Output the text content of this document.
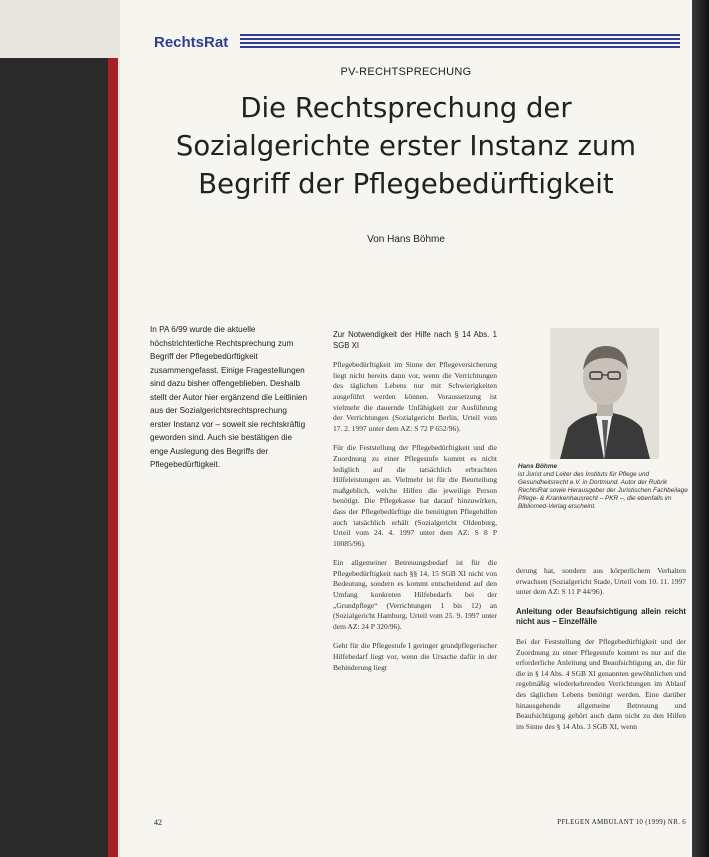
RechtsRat
PV-RECHTSPRECHUNG
Die Rechtsprechung der
Sozialgerichte erster Instanz zum
Begriff der Pflegebedürftigkeit
Von Hans Böhme
In PA 6/99 wurde die aktuelle höchstrichterliche Rechtsprechung zum Begriff der Pflegebedürftigkeit zusammengefasst. Einige Fragestellungen sind dazu bisher offengeblieben. Deshalb stellt der Autor hier ergänzend die Leitlinien aus der Sozialgerichtsrechtsprechung erster Instanz vor – soweit sie rechtskräftig geworden sind. Auch sie bestätigen die enge Auslegung des Begriffs der Pflegebedürftigkeit.

Zur Notwendigkeit der Hilfe nach § 14 Abs. 1 SGB XI

Pflegebedürftigkeit im Sinne der Pflegeversicherung liegt nicht bereits dann vor, wenn die Verrichtungen des täglichen Lebens nur mit Schwierigkeiten ausgeführt werden können. Voraussetzung ist vielmehr die dauernde Unfähigkeit zur Ausführung der Verrichtungen (Sozialgericht Berlin, Urteil vom 17. 2. 1997 unter dem AZ: S 72 P 652/96).

Für die Feststellung der Pflegebedürftigkeit und die Zuordnung zu einer Pflegestufe kommt es nicht lediglich auf die tatsächlich erbrachten Hilfeleistungen an. Vielmehr ist für die Beurteilung maßgeblich, welche Hilfen die jeweilige Person benötigt. Die Pflegekasse hat darauf hinzuwirken, dass der Pflegebedürftige die benötigten Pflegehilfen auch tatsächlich erhält (Sozialgericht Oldenburg, Urteil vom 24. 4. 1997 unter dem AZ: S 8 P 10085/96).

Ein allgemeiner Betreuungsbedarf ist für die Pflegebedürftigkeit nach §§ 14, 15 SGB XI nicht von Bedeutung, sondern es kommt entscheidend auf den Umfang konkreten Hilfebedarfs bei der „Grundpflege“ (Verrichtungen 1 bis 12) an (Sozialgericht Hamburg, Urteil vom 25. 9. 1997 unter dem AZ: 24 P 320/96).

Geht für die Pflegestufe I geringer grundpflegerischer Hilfebedarf liegt vor, wenn die Ursache dafür in der Behinderung liegt

Hans Böhme
ist Jurist und Leiter des Instituts für Pflege und Gesundheitsrecht e.V. in Dortmund. Autor der Rubrik RechtsRat sowie Herausgeber der Juristischen Fachbeilage Pflege- & Krankenhausrecht – PKR –, die ebenfalls im Bibliomed-Verlag erscheint.

derung hat, sondern aus körperlichem Verhalten erwachsen (Sozialgericht Stade, Urteil vom 10. 11. 1997 unter dem AZ: S 11 P 44/96).

Anleitung oder Beaufsichtigung allein reicht nicht aus – Einzelfälle

Bei der Feststellung der Pflegebedürftigkeit und der Zuordnung zu einer Pflegestufe kommt es nur auf die erforderliche Anleitung und Beaufsichtigung an, die für die in § 14 Abs. 4 SGB XI genannten gewöhnlichen und regelmäßig wiederkehrenden Verrichtungen im Ablauf des täglichen Lebens benötigt werden. Eine darüber hinausgehende allgemeine Betreuung und Beaufsichtigung gehört auch dann nicht zu den Hilfen im Sinne des § 14 Abs. 3 SGB XI, wenn

42	PFLEGEN AMBULANT 10 (1999) NR. 6
